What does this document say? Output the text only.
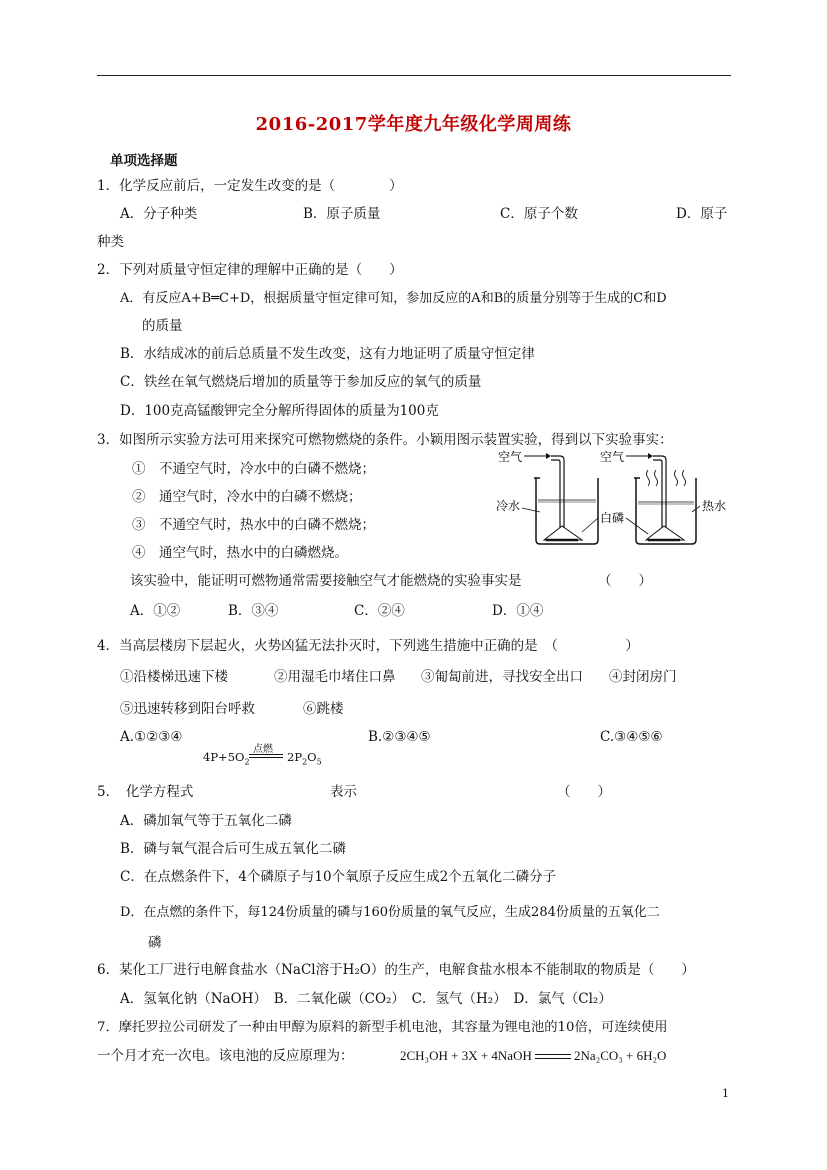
2016-2017学年度九年级化学周周练
单项选择题
1．化学反应前后，一定发生改变的是（　　　　）
A．分子种类	B．原子质量	C．原子个数	D．原子
种类
2．下列对质量守恒定律的理解中正确的是（　　）
A．有反应A+B═C+D，根据质量守恒定律可知，参加反应的A和B的质量分别等于生成的C和D
的质量
B．水结成冰的前后总质量不发生改变，这有力地证明了质量守恒定律
C．铁丝在氧气燃烧后增加的质量等于参加反应的氧气的质量
D．100克高锰酸钾完全分解所得固体的质量为100克
3．如图所示实验方法可用来探究可燃物燃烧的条件。小颖用图示装置实验，得到以下实验事实：
①　不通空气时，冷水中的白磷不燃烧；
②　通空气时，冷水中的白磷不燃烧；
③　不通空气时，热水中的白磷不燃烧；
④　通空气时，热水中的白磷燃烧。
该实验中，能证明可燃物通常需要接触空气才能燃烧的实验事实是	（　　）
A．①②	B．③④	C．②④	D．①④
空气	空气
冷水
白磷
热水
4．当高层楼房下层起火，火势凶猛无法扑灭时，下列逃生措施中正确的是　（　　　　　）
①沿楼梯迅速下楼	②用湿毛巾堵住口鼻 ③匍匐前进，寻找安全出口 ④封闭房门
⑤迅速转移到阳台呼救	⑥跳楼
A.①②③④	B.②③④⑤	C.③④⑤⑥
$4P+5O_2$
点燃
$2P_2O_5$
5．　化学方程式	表示	（　　）
A．磷加氧气等于五氧化二磷
B．磷与氧气混合后可生成五氧化二磷
C．在点燃条件下，4个磷原子与10个氧原子反应生成2个五氧化二磷分子
D．在点燃的条件下，每124份质量的磷与160份质量的氧气反应，生成284份质量的五氧化二
磷
6．某化工厂进行电解食盐水（NaCl溶于H₂O）的生产，电解食盐水根本不能制取的物质是（　　）
A．氢氧化钠（NaOH）　B．二氧化碳（CO₂）　C．氢气（H₂）　D．氯气（Cl₂）
7．摩托罗拉公司研发了一种由甲醇为原料的新型手机电池，其容量为锂电池的10倍，可连续使用
一个月才充一次电。该电池的反应原理为：	2CH₃OH + 3X + 4NaOH	2Na₂CO₃ + 6H₂O
1
